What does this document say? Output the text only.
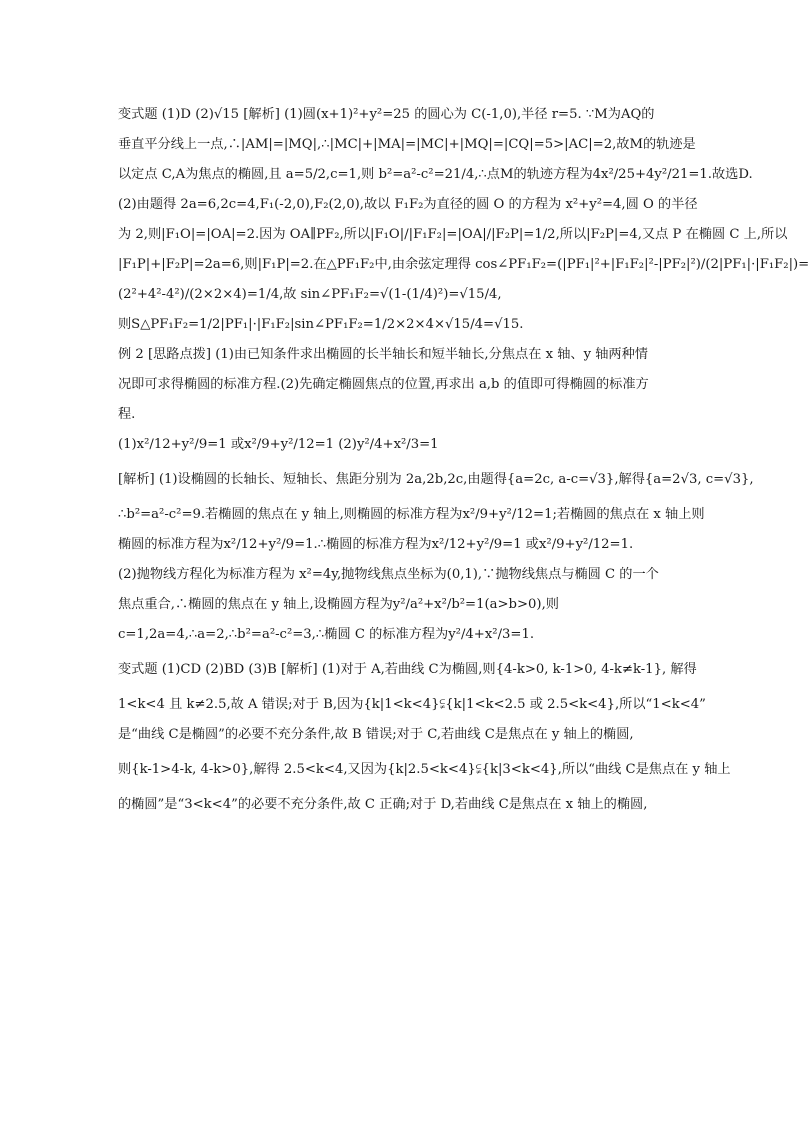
变式题 (1)D (2)√15 [解析] (1)圆(x+1)²+y²=25 的圆心为 C(-1,0),半径 r=5. ∵M为AQ的
垂直平分线上一点,∴|AM|=|MQ|,∴|MC|+|MA|=|MC|+|MQ|=|CQ|=5>|AC|=2,故M的轨迹是
以定点 C,A为焦点的椭圆,且 a=5/2,c=1,则 b²=a²-c²=21/4,∴点M的轨迹方程为4x²/25+4y²/21=1.故选D.
(2)由题得 2a=6,2c=4,F₁(-2,0),F₂(2,0),故以 F₁F₂为直径的圆 O 的方程为 x²+y²=4,圆 O 的半径
为 2,则|F₁O|=|OA|=2.因为 OA∥PF₂,所以|F₁O|/|F₁F₂|=|OA|/|F₂P|=1/2,所以|F₂P|=4,又点 P 在椭圆 C 上,所以
|F₁P|+|F₂P|=2a=6,则|F₁P|=2.在△PF₁F₂中,由余弦定理得 cos∠PF₁F₂=(|PF₁|²+|F₁F₂|²-|PF₂|²)/(2|PF₁|·|F₁F₂|)=
(2²+4²-4²)/(2×2×4)=1/4,故 sin∠PF₁F₂=√(1-(1/4)²)=√15/4,
则S△PF₁F₂=1/2|PF₁|·|F₁F₂|sin∠PF₁F₂=1/2×2×4×√15/4=√15.
例 2 [思路点拨] (1)由已知条件求出椭圆的长半轴长和短半轴长,分焦点在 x 轴、y 轴两种情
况即可求得椭圆的标准方程.(2)先确定椭圆焦点的位置,再求出 a,b 的值即可得椭圆的标准方
程.
(1)x²/12+y²/9=1 或x²/9+y²/12=1 (2)y²/4+x²/3=1
[解析] (1)设椭圆的长轴长、短轴长、焦距分别为 2a,2b,2c,由题得{a=2c, a-c=√3},解得{a=2√3, c=√3},
∴b²=a²-c²=9.若椭圆的焦点在 y 轴上,则椭圆的标准方程为x²/9+y²/12=1;若椭圆的焦点在 x 轴上则
椭圆的标准方程为x²/12+y²/9=1.∴椭圆的标准方程为x²/12+y²/9=1 或x²/9+y²/12=1.
(2)抛物线方程化为标准方程为 x²=4y,抛物线焦点坐标为(0,1),∵抛物线焦点与椭圆 C 的一个
焦点重合,∴椭圆的焦点在 y 轴上,设椭圆方程为y²/a²+x²/b²=1(a>b>0),则
c=1,2a=4,∴a=2,∴b²=a²-c²=3,∴椭圆 C 的标准方程为y²/4+x²/3=1.
变式题 (1)CD (2)BD (3)B [解析] (1)对于 A,若曲线 C为椭圆,则{4-k>0, k-1>0, 4-k≠k-1}, 解得
1<k<4 且 k≠2.5,故 A 错误;对于 B,因为{k|1<k<4}⫋{k|1<k<2.5 或 2.5<k<4},所以“1<k<4”
是“曲线 C是椭圆”的必要不充分条件,故 B 错误;对于 C,若曲线 C是焦点在 y 轴上的椭圆,
则{k-1>4-k, 4-k>0},解得 2.5<k<4,又因为{k|2.5<k<4}⫋{k|3<k<4},所以“曲线 C是焦点在 y 轴上
的椭圆”是“3<k<4”的必要不充分条件,故 C 正确;对于 D,若曲线 C是焦点在 x 轴上的椭圆,
